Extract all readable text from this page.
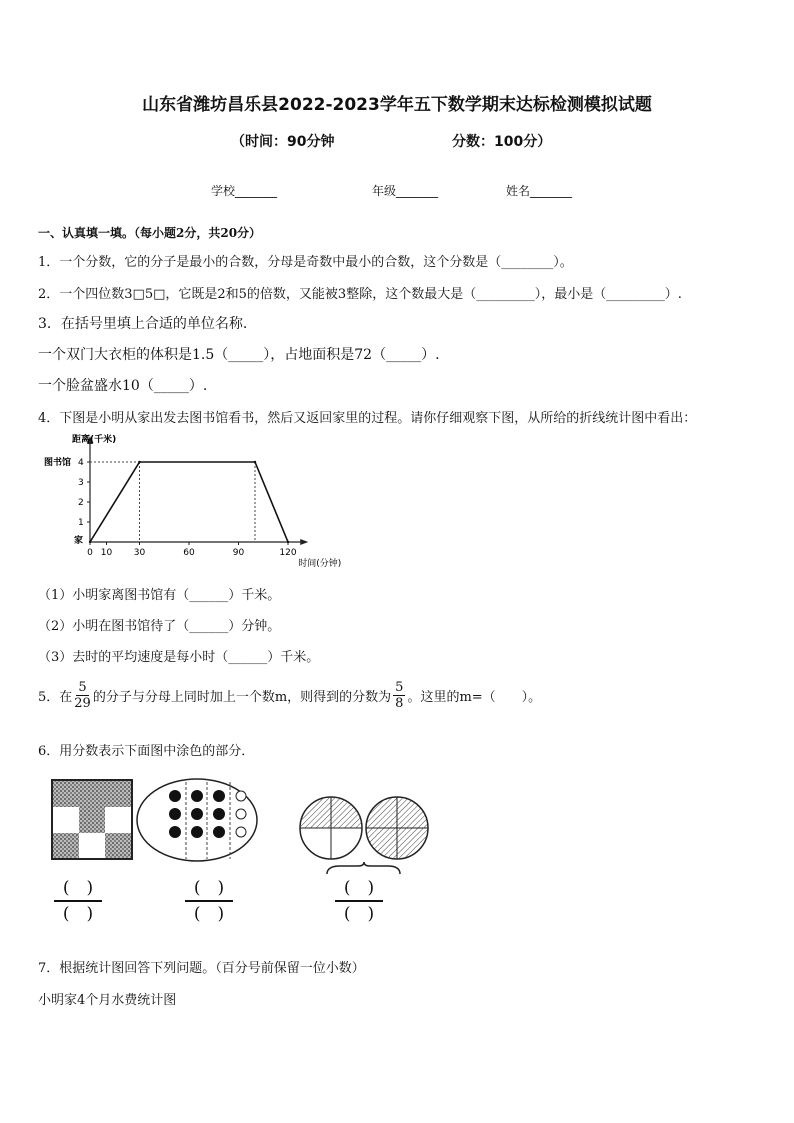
山东省潍坊昌乐县2022-2023学年五下数学期末达标检测模拟试题
（时间：90分钟	分数：100分）
学校_______	年级_______	姓名_______
一、认真填一填。（每小题2分，共20分）
1．一个分数，它的分子是最小的合数，分母是奇数中最小的合数，这个分数是（________）。
2．一个四位数3□5□，它既是2和5的倍数，又能被3整除，这个数最大是（_________），最小是（_________）.
3．在括号里填上合适的单位名称.
一个双门大衣柜的体积是1.5（_____），占地面积是72（_____）.
一个脸盆盛水10（_____）.
4．下图是小明从家出发去图书馆看书，然后又返回家里的过程。请你仔细观察下图，从所给的折线统计图中看出：
距离(千米)
时间(分钟)
1
2
3
4
图书馆
家
0 10 30	60	90	120
（1）小明家离图书馆有（______）千米。
（2）小明在图书馆待了（______）分钟。
（3）去时的平均速度是每小时（______）千米。
5．在 $\frac{5}{29}$ 的分子与分母上同时加上一个数m，则得到的分数为 $\frac{5}{8}$ 。这里的m=（　　）。
6．用分数表示下面图中涂色的部分．
(　)
(　)
(　)
(　)
(　)
(　)
7．根据统计图回答下列问题。（百分号前保留一位小数）
小明家4个月水费统计图
